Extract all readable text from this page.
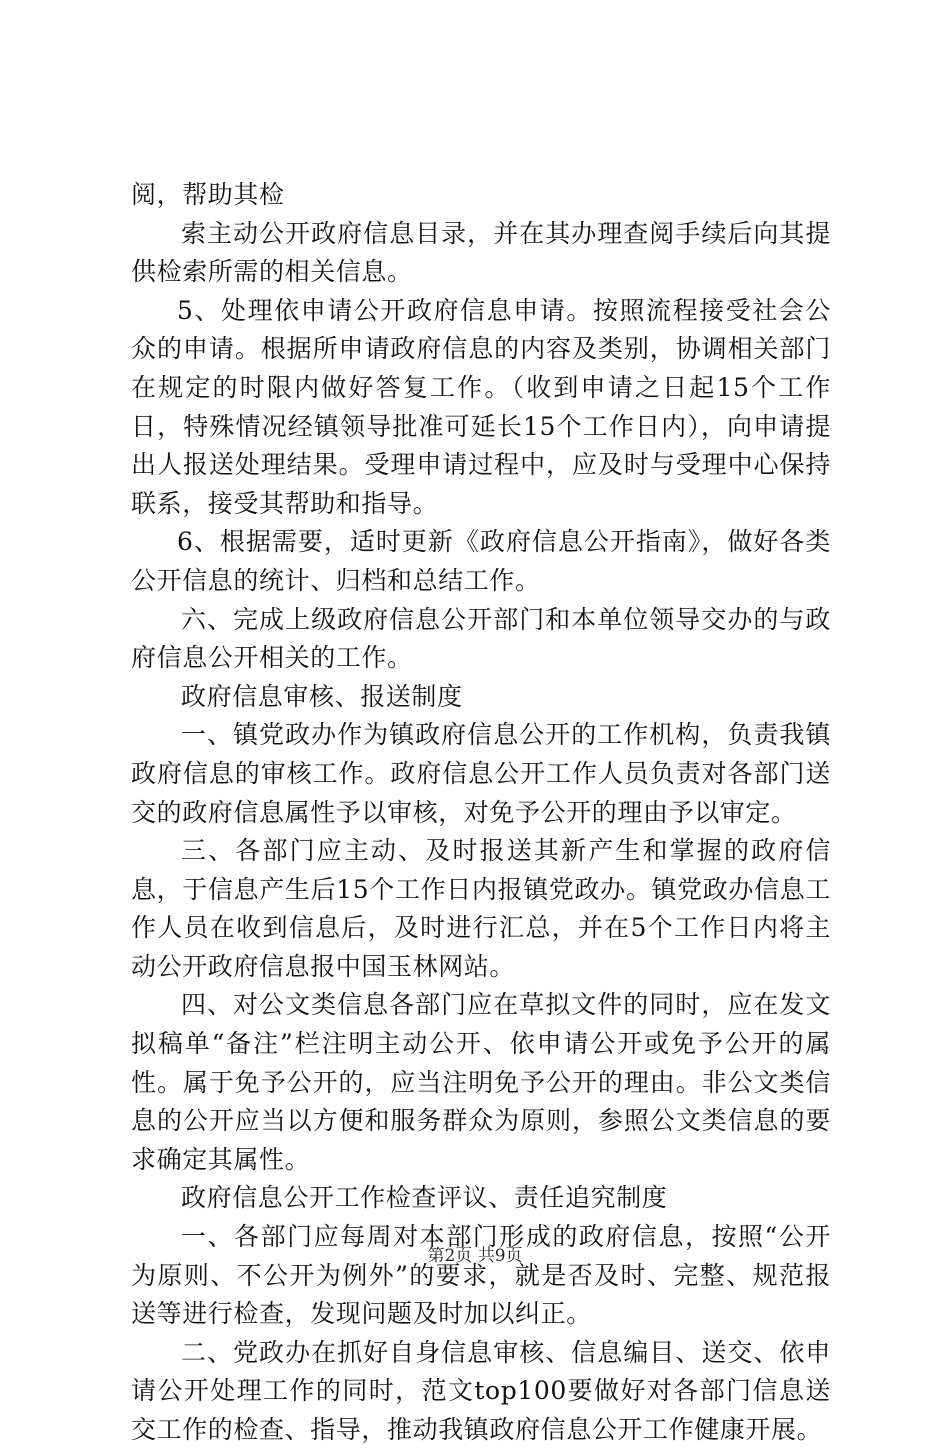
阅，帮助其检

索主动公开政府信息目录，并在其办理查阅手续后向其提供检索所需的相关信息。

5、处理依申请公开政府信息申请。按照流程接受社会公众的申请。根据所申请政府信息的内容及类别，协调相关部门在规定的时限内做好答复工作。（收到申请之日起15个工作日，特殊情况经镇领导批准可延长15个工作日内），向申请提出人报送处理结果。受理申请过程中，应及时与受理中心保持联系，接受其帮助和指导。

6、根据需要，适时更新《政府信息公开指南》，做好各类公开信息的统计、归档和总结工作。

六、完成上级政府信息公开部门和本单位领导交办的与政府信息公开相关的工作。

政府信息审核、报送制度

一、镇党政办作为镇政府信息公开的工作机构，负责我镇政府信息的审核工作。政府信息公开工作人员负责对各部门送交的政府信息属性予以审核，对免予公开的理由予以审定。

三、各部门应主动、及时报送其新产生和掌握的政府信息，于信息产生后15个工作日内报镇党政办。镇党政办信息工作人员在收到信息后，及时进行汇总，并在5个工作日内将主动公开政府信息报中国玉林网站。

四、对公文类信息各部门应在草拟文件的同时，应在发文拟稿单“备注”栏注明主动公开、依申请公开或免予公开的属性。属于免予公开的，应当注明免予公开的理由。非公文类信息的公开应当以方便和服务群众为原则，参照公文类信息的要求确定其属性。

政府信息公开工作检查评议、责任追究制度

一、各部门应每周对本部门形成的政府信息，按照“公开为原则、不公开为例外”的要求，就是否及时、完整、规范报送等进行检查，发现问题及时加以纠正。

二、党政办在抓好自身信息审核、信息编目、送交、依申请公开处理工作的同时，范文top100要做好对各部门信息送交工作的检查、指导，推动我镇政府信息公开工作健康开展。

第2页 共9页
